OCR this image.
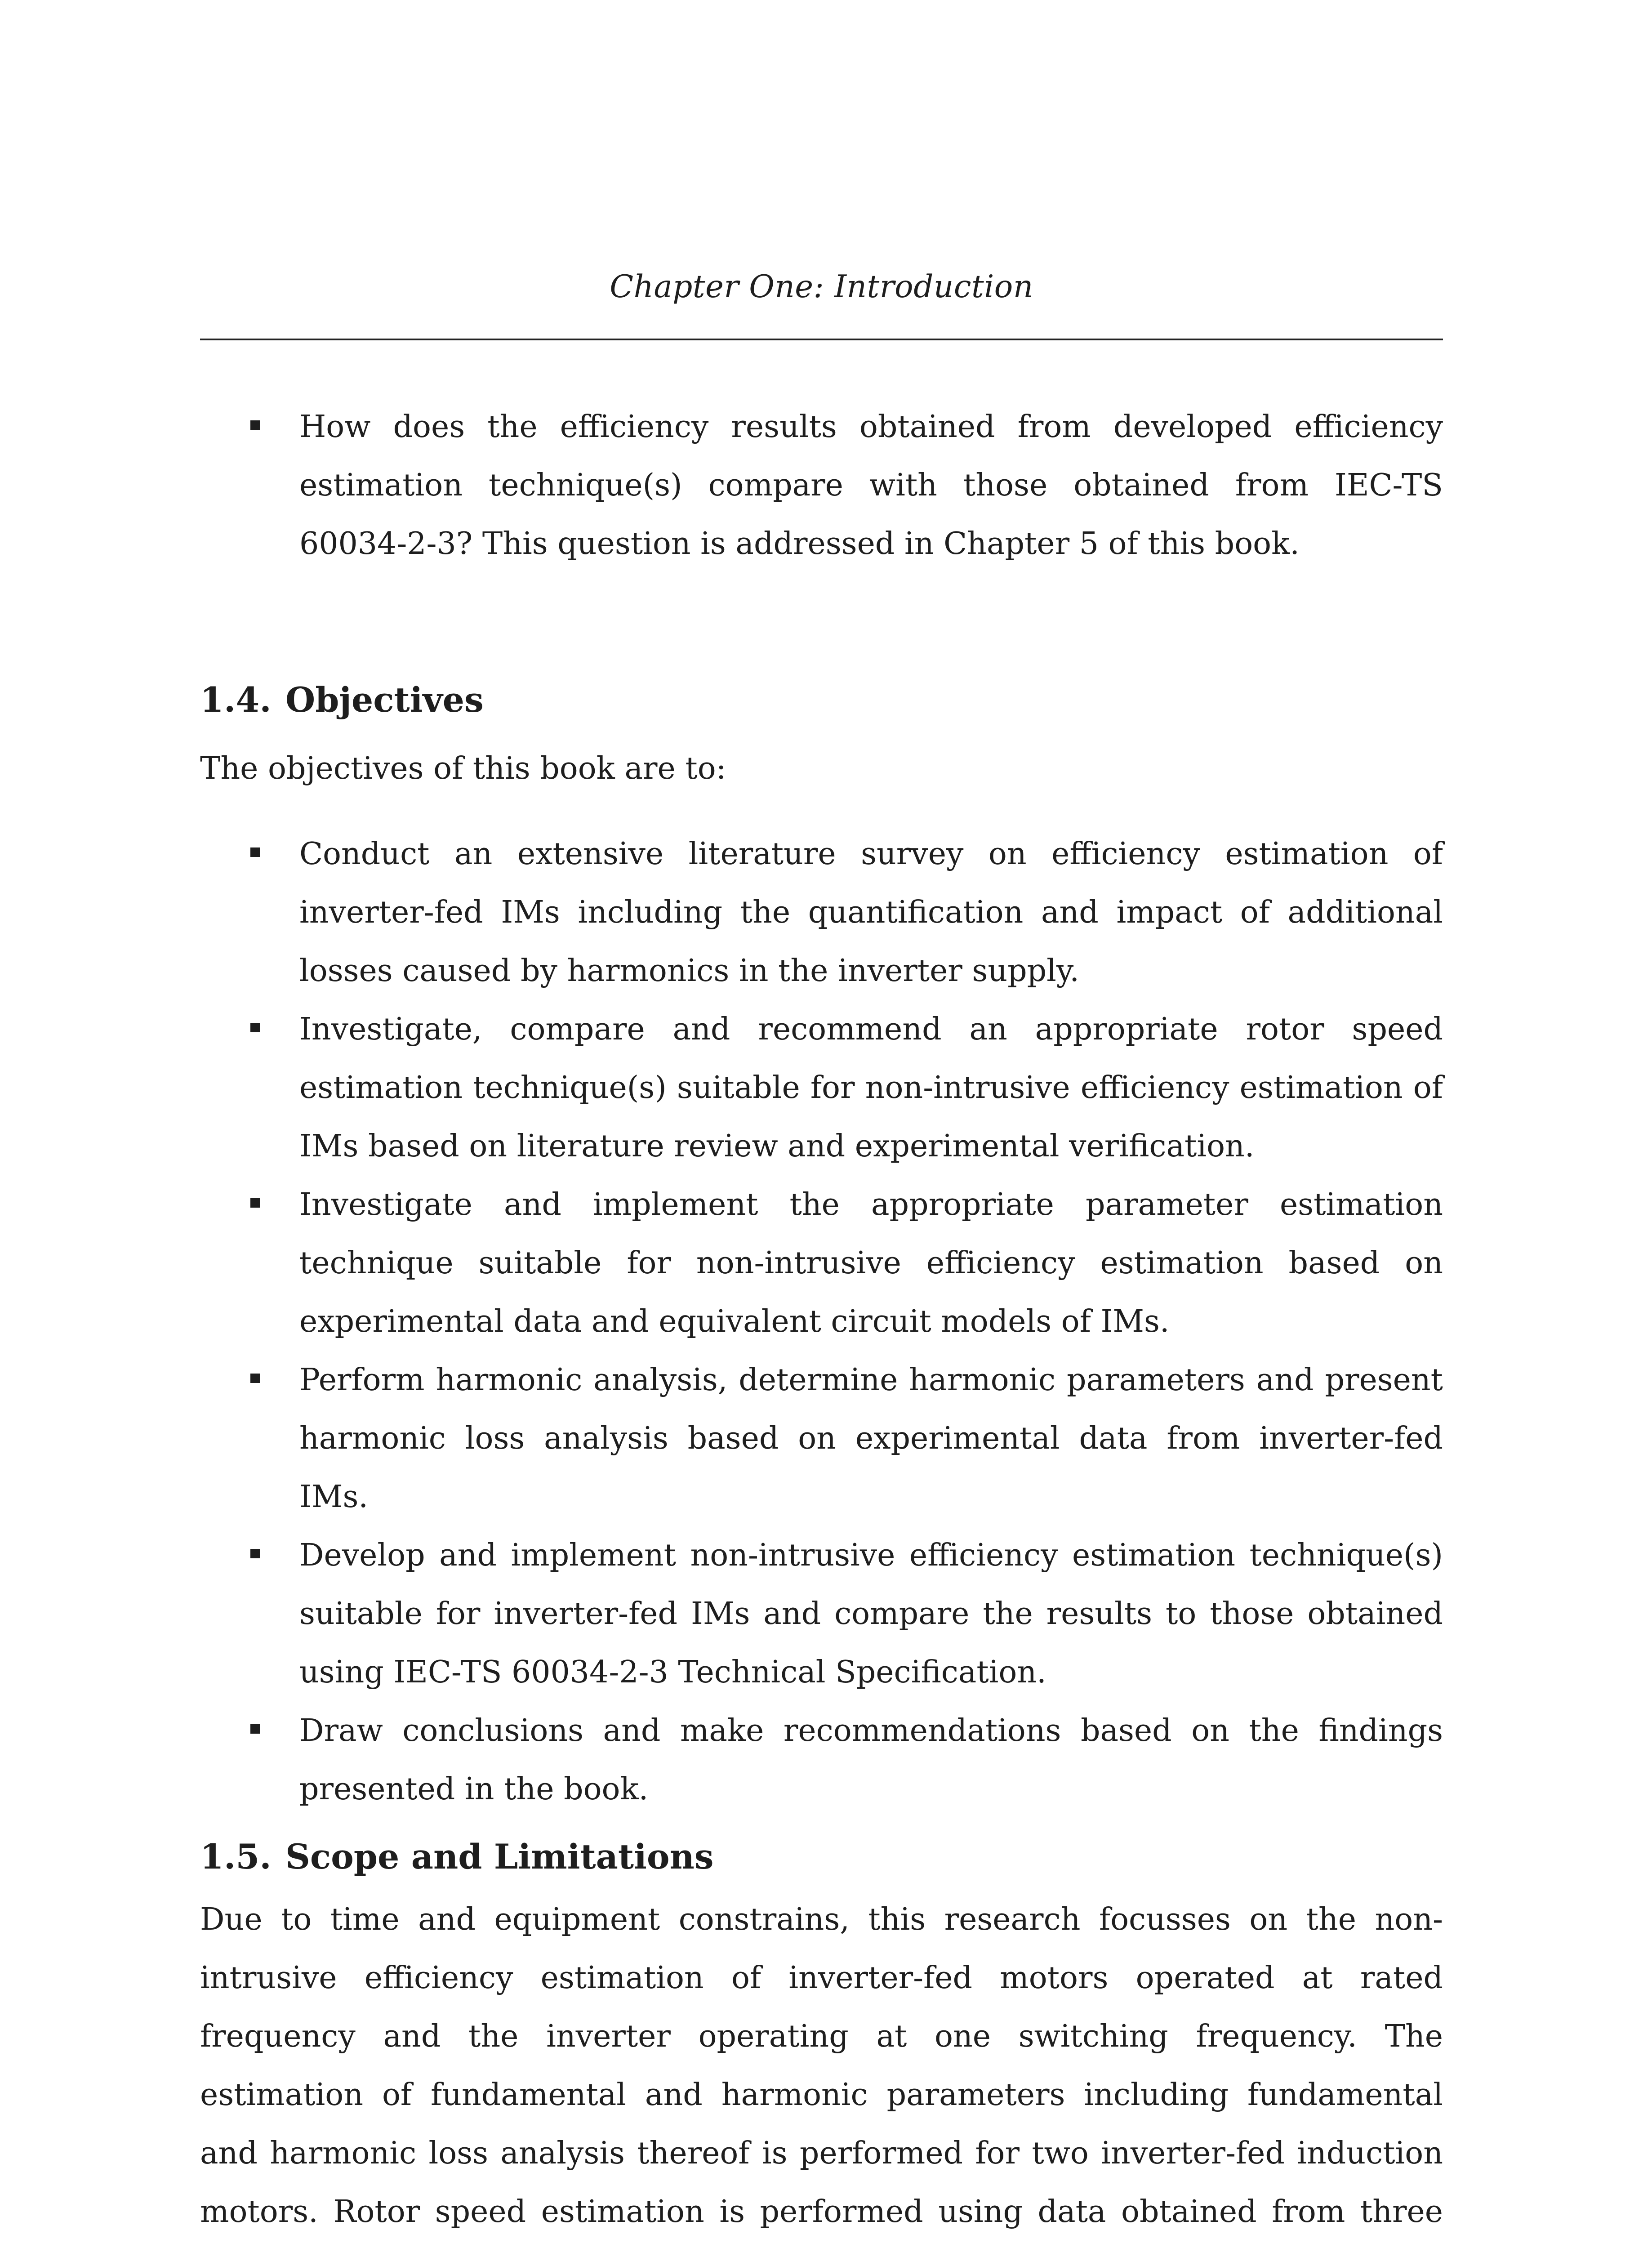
Chapter One: Introduction
How does the efficiency results obtained from developed efficiency estimation technique(s) compare with those obtained from IEC-TS 60034-2-3? This question is addressed in Chapter 5 of this book.
1.4. Objectives

The objectives of this book are to:

Conduct an extensive literature survey on efficiency estimation of inverter-fed IMs including the quantification and impact of additional losses caused by harmonics in the inverter supply.
Investigate, compare and recommend an appropriate rotor speed estimation technique(s) suitable for non-intrusive efficiency estimation of IMs based on literature review and experimental verification.
Investigate and implement the appropriate parameter estimation technique suitable for non-intrusive efficiency estimation based on experimental data and equivalent circuit models of IMs.
Perform harmonic analysis, determine harmonic parameters and present harmonic loss analysis based on experimental data from inverter-fed IMs.
Develop and implement non-intrusive efficiency estimation technique(s) suitable for inverter-fed IMs and compare the results to those obtained using IEC-TS 60034-2-3 Technical Specification.
Draw conclusions and make recommendations based on the findings presented in the book.
1.5. Scope and Limitations

Due to time and equipment constrains, this research focusses on the non-intrusive efficiency estimation of inverter-fed motors operated at rated frequency and the inverter operating at one switching frequency. The estimation of fundamental and harmonic parameters including fundamental and harmonic loss analysis thereof is performed for two inverter-fed induction motors. Rotor speed estimation is performed using data obtained from three
